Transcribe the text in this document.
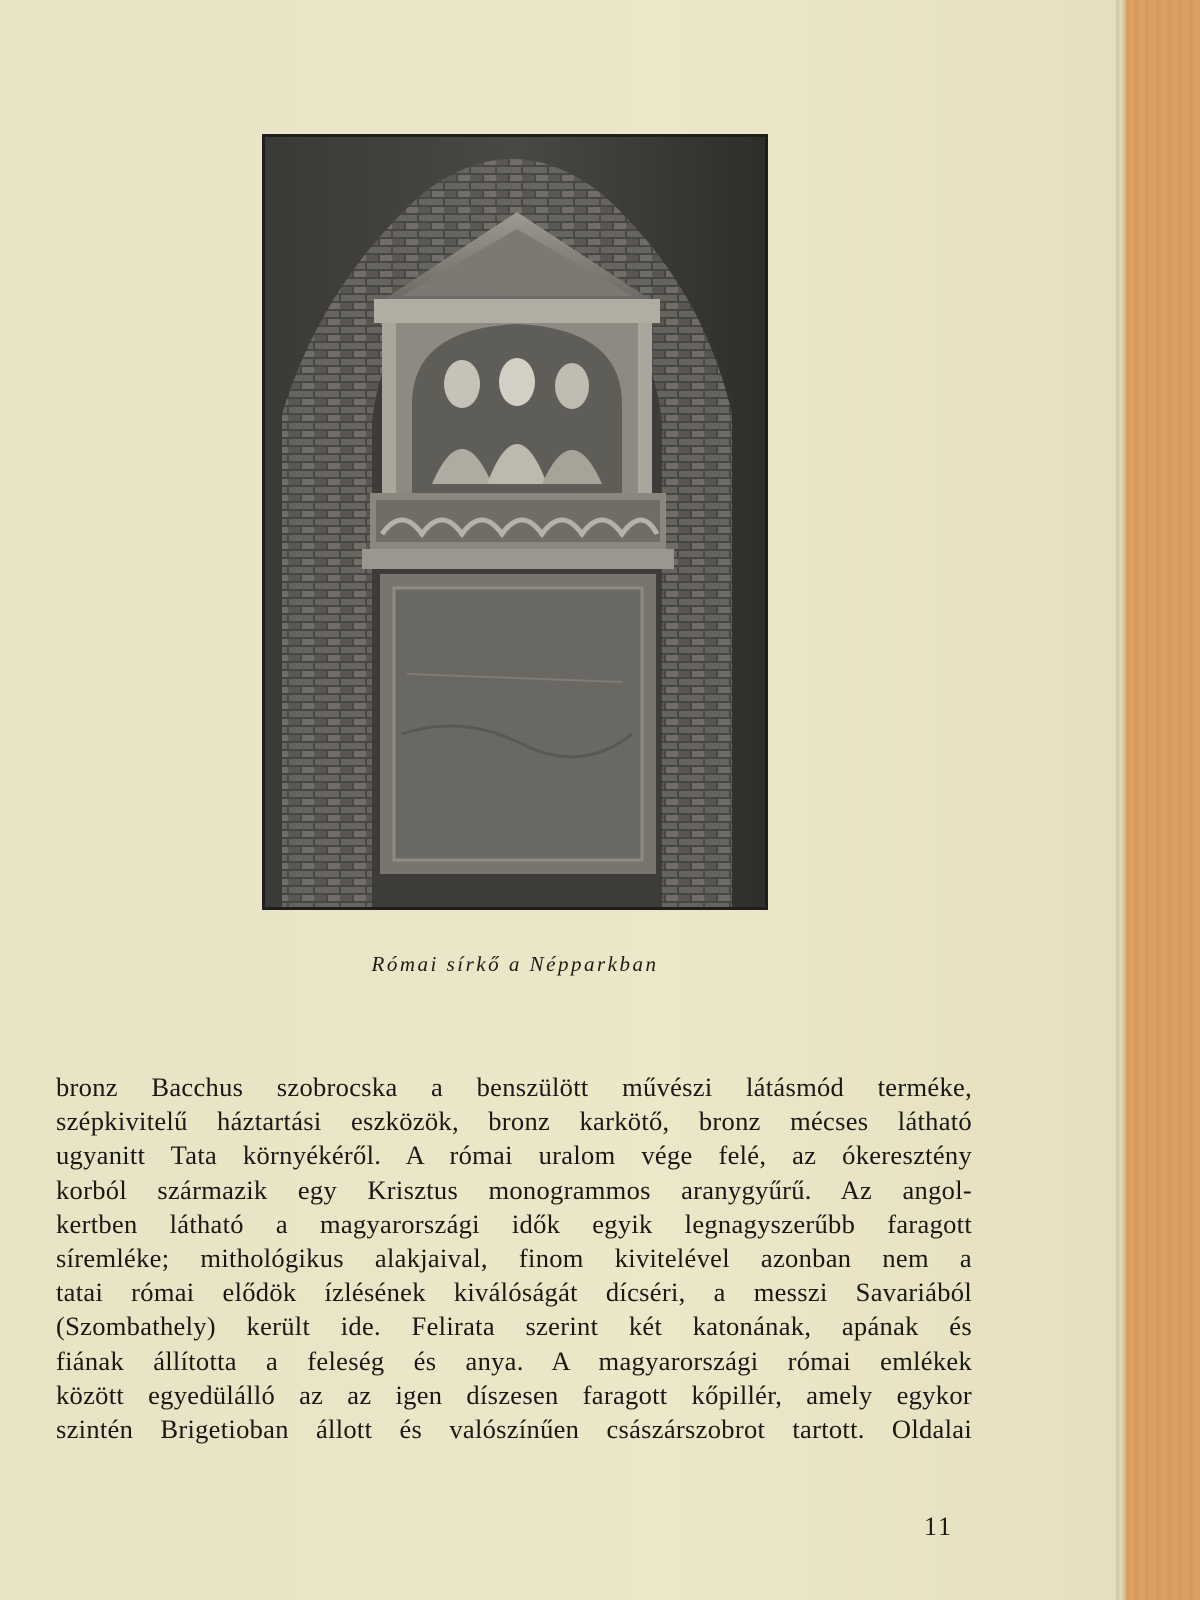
Római sírkő a Népparkban
bronz Bacchus szobrocska a benszülött művészi látásmód terméke,
szépkivitelű háztartási eszközök, bronz karkötő, bronz mécses látható
ugyanitt Tata környékéről. A római uralom vége felé, az ókeresztény
korból származik egy Krisztus monogrammos aranygyűrű. Az angol-
kertben látható a magyarországi idők egyik legnagyszerűbb faragott
síremléke; mithológikus alakjaival, finom kivitelével azonban nem a
tatai római elődök ízlésének kiválóságát dícséri, a messzi Savariából
(Szombathely) került ide. Felirata szerint két katonának, apának és
fiának állította a feleség és anya. A magyarországi római emlékek
között egyedülálló az az igen díszesen faragott kőpillér, amely egykor
szintén Brigetioban állott és valószínűen császárszobrot tartott. Oldalai
11
